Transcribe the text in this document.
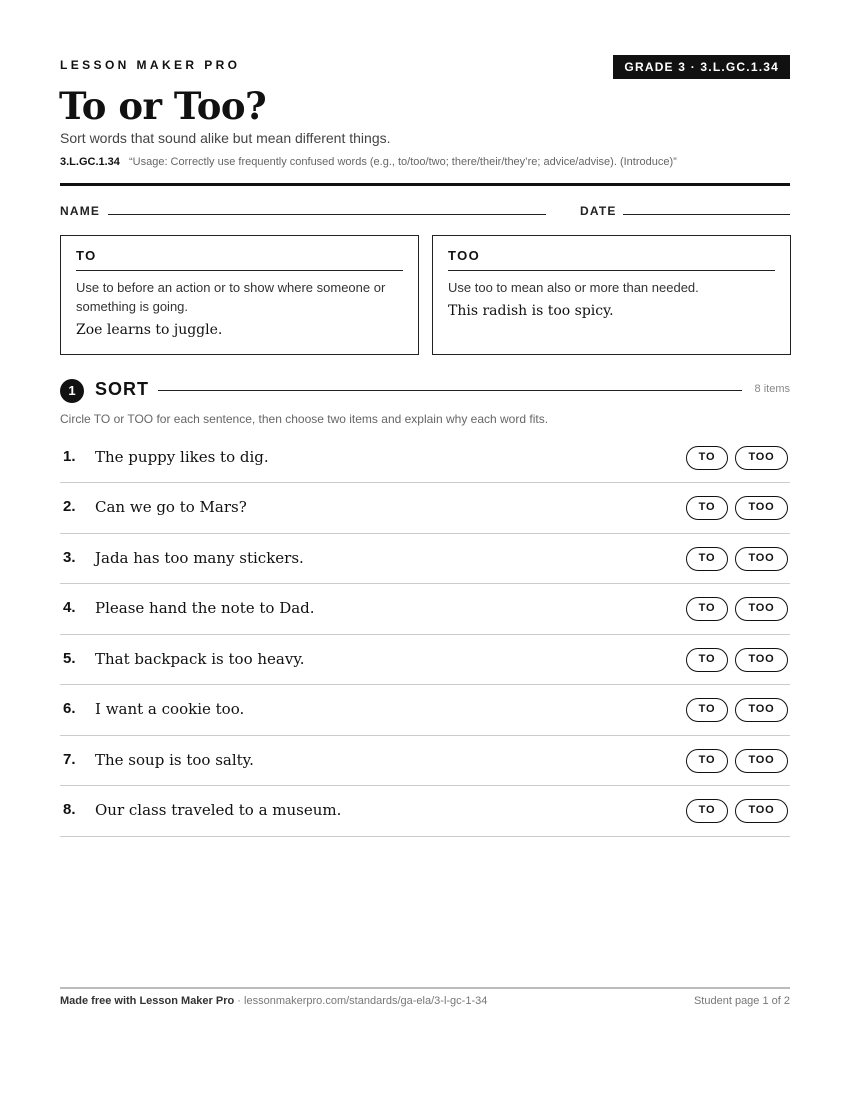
LESSON MAKER PRO	GRADE 3 · 3.L.GC.1.34
To or Too?
Sort words that sound alike but mean different things.
3.L.GC.1.34 “Usage: Correctly use frequently confused words (e.g., to/too/two; there/their/they’re; advice/advise). (Introduce)”
NAME	DATE
TO
Use to before an action or to show where someone or something is going.
Zoe learns to juggle.
TOO
Use too to mean also or more than needed.
This radish is too spicy.
1	SORT	8 items
Circle TO or TOO for each sentence, then choose two items and explain why each word fits.
1. The puppy likes to dig.	TO	TOO
2. Can we go to Mars?	TO	TOO
3. Jada has too many stickers.	TO	TOO
4. Please hand the note to Dad.	TO	TOO
5. That backpack is too heavy.	TO	TOO
6. I want a cookie too.	TO	TOO
7. The soup is too salty.	TO	TOO
8. Our class traveled to a museum.	TO	TOO
Made free with Lesson Maker Pro · lessonmakerpro.com/standards/ga-ela/3-l-gc-1-34	Student page 1 of 2
